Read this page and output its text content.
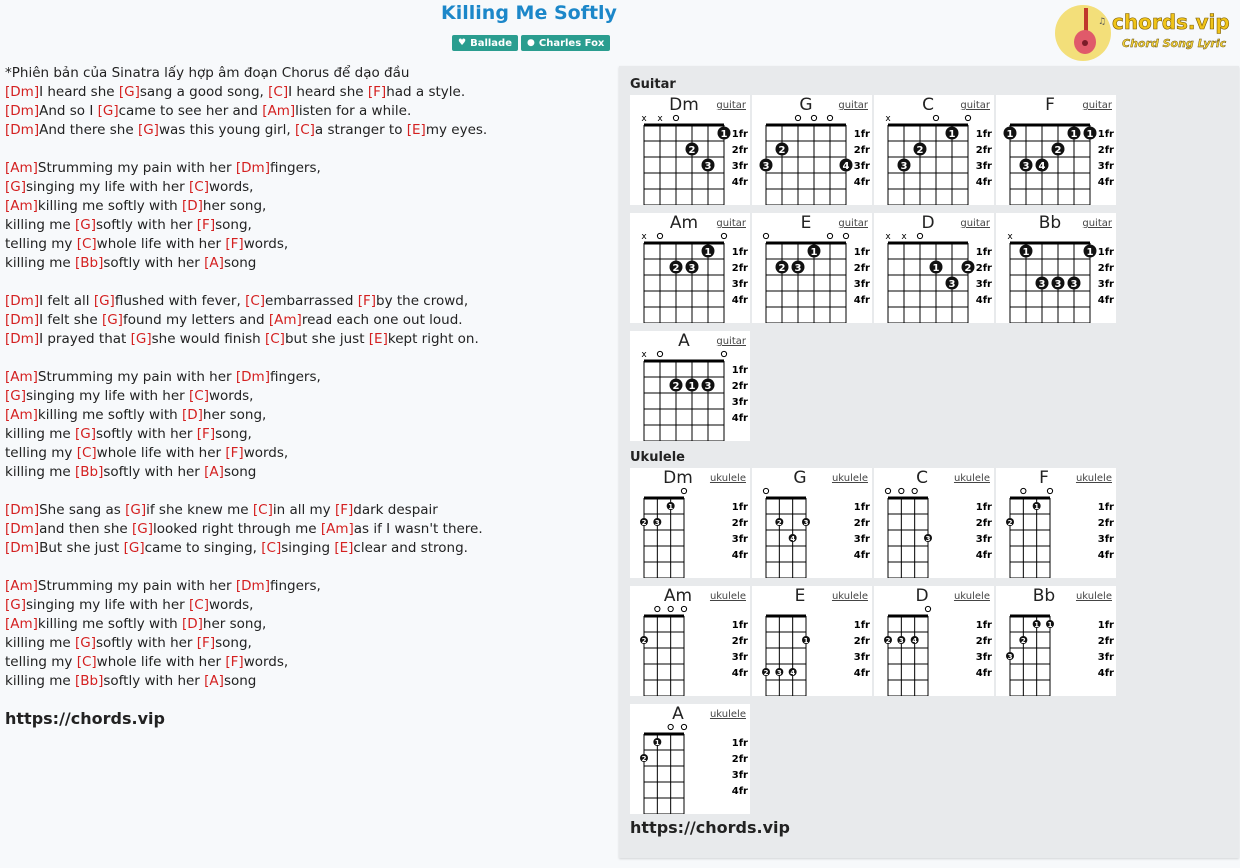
Killing Me Softly
♥ Ballade ● Charles Fox
♫ chords.vip
Chord Song Lyric
*Phiên bản của Sinatra lấy hợp âm đoạn Chorus để dạo đầu
[Dm]I heard she [G]sang a good song, [C]I heard she [F]had a style.
[Dm]And so I [G]came to see her and [Am]listen for a while.
[Dm]And there she [G]was this young girl, [C]a stranger to [E]my eyes.
[Am]Strumming my pain with her [Dm]fingers,
[G]singing my life with her [C]words,
[Am]killing me softly with [D]her song,
killing me [G]softly with her [F]song,
telling my [C]whole life with her [F]words,
killing me [Bb]softly with her [A]song
[Dm]I felt all [G]flushed with fever, [C]embarrassed [F]by the crowd,
[Dm]I felt she [G]found my letters and [Am]read each one out loud.
[Dm]I prayed that [G]she would finish [C]but she just [E]kept right on.
[Am]Strumming my pain with her [Dm]fingers,
[G]singing my life with her [C]words,
[Am]killing me softly with [D]her song,
killing me [G]softly with her [F]song,
telling my [C]whole life with her [F]words,
killing me [Bb]softly with her [A]song
[Dm]She sang as [G]if she knew me [C]in all my [F]dark despair
[Dm]and then she [G]looked right through me [Am]as if I wasn't there.
[Dm]But she just [G]came to singing, [C]singing [E]clear and strong.
[Am]Strumming my pain with her [Dm]fingers,
[G]singing my life with her [C]words,
[Am]killing me softly with [D]her song,
killing me [G]softly with her [F]song,
telling my [C]whole life with her [F]words,
killing me [Bb]softly with her [A]song
https://chords.vip
Guitar
Ukulele
https://chords.vip
1fr
2fr
3fr
4fr
x x
2
3
1
Dm	guitar
1fr
2fr
3fr
4fr
3
2
4
G	guitar
1fr
2fr
3fr
4fr
x
3
2
1
C	guitar
1fr
2fr
3fr
4fr
1
3 4
2
1 1
F	guitar
1fr
2fr
3fr
4fr
x
2 3
1
Am	guitar
1fr
2fr
3fr
4fr
2 3
1
E	guitar
1fr
2fr
3fr
4fr
x x
1
3
2
D	guitar
1fr
2fr
3fr
4fr
x
1
3 3 3
1
Bb	guitar
1fr
2fr
3fr
4fr
x
2 1 3
A	guitar
1fr
2fr
3fr
4fr
2 3
1
Dm	ukulele
1fr
2fr
3fr
4fr
2
4
3
G	ukulele
1fr
2fr
3fr
4fr
3
C	ukulele
1fr
2fr
3fr
4fr
2
1
F	ukulele
1fr
2fr
3fr
4fr
2
Am	ukulele
1fr
2fr
3fr
4fr
2 3 4
1
E	ukulele
1fr
2fr
3fr
4fr
2 3 4
D	ukulele
1fr
2fr
3fr
4fr
3
2
1 1
Bb	ukulele
1fr
2fr
3fr
4fr
2
1
A	ukulele
